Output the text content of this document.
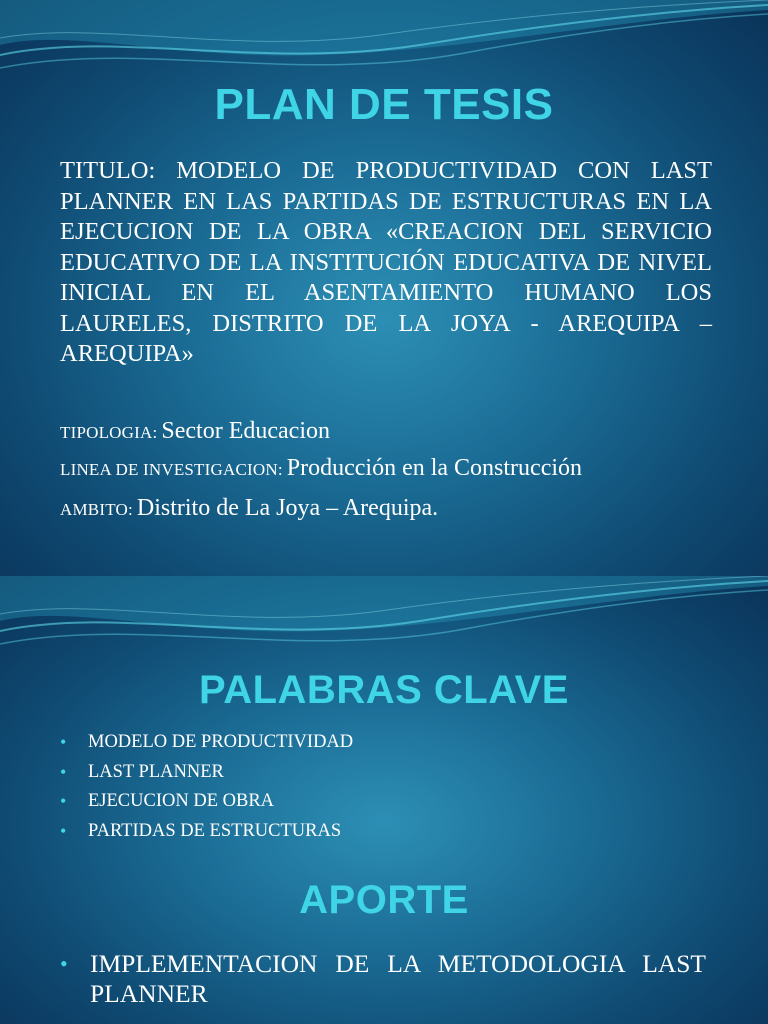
PLAN DE TESIS
TITULO: MODELO DE PRODUCTIVIDAD CON LAST PLANNER EN LAS PARTIDAS DE ESTRUCTURAS EN LA EJECUCION DE LA OBRA «CREACION DEL SERVICIO EDUCATIVO DE LA INSTITUCIÓN EDUCATIVA DE NIVEL INICIAL EN EL ASENTAMIENTO HUMANO LOS LAURELES, DISTRITO DE LA JOYA - AREQUIPA – AREQUIPA»
TIPOLOGIA: Sector Educacion
LINEA DE INVESTIGACION: Producción en la Construcción
AMBITO: Distrito de La Joya – Arequipa.
PALABRAS CLAVE
• MODELO DE PRODUCTIVIDAD
• LAST PLANNER
• EJECUCION DE OBRA
• PARTIDAS DE ESTRUCTURAS
APORTE
• IMPLEMENTACION DE LA METODOLOGIA LAST PLANNER
